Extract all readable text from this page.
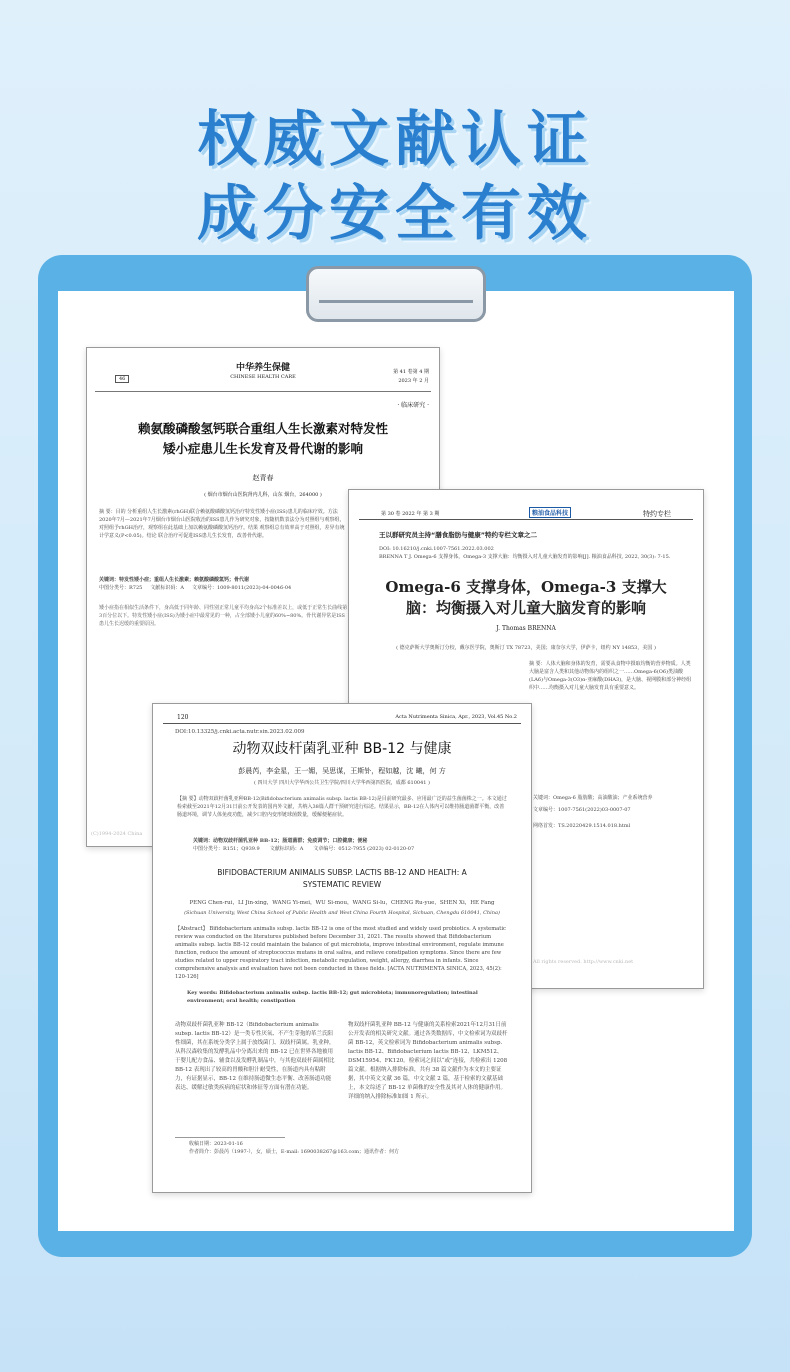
权威文献认证
成分安全有效
46
中华养生保健
CHINESE HEALTH CARE
第 41 卷第 4 期
2023 年 2 月
· 临床研究 ·
赖氨酸磷酸氢钙联合重组人生长激素对特发性
矮小症患儿生长发育及骨代谢的影响
赵青春
( 烟台市烟台山医院肾内儿科，山东 烟台，264000 )
摘 要：目的 分析重组人生长激素(rhGH)联合赖氨酸磷酸氢钙治疗特发性矮小症(ISS)患儿的临床疗效。方法 2020年7月—2021年7月烟台市烟台山医院收治的ISS患儿作为研究对象，按随机数表法分为对照组与观察组，对照组予rhGH治疗，观察组在此基础上加以赖氨酸磷酸氢钙治疗。结果 观察组总有效率高于对照组，差异有统计学意义(P<0.05)。结论 联合治疗可促进ISS患儿生长发育，改善骨代谢。
关键词：特发性矮小症；重组人生长激素；赖氨酸磷酸氢钙；骨代谢
中图分类号：R725 文献标识码：A 文章编号：1009-8011(2023)-04-0046-04
矮小症指在相似生活条件下，身高低于同年龄、同性别正常儿童平均身高2个标准差以上，或低于正常生长曲线第3百分位以下。特发性矮小症(ISS)为矮小症中最常见的一种，占全部矮小儿童的60%~80%。骨代谢异常是ISS患儿生长迟缓的重要原因。
(C)1994-2024 China
第 30 卷 2022 年 第 3 期	粮油食品科技	特约专栏
王以群研究员主持“膳食脂肪与健康”特约专栏文章之二
DOI: 10.16210/j.cnki.1007-7561.2022.03.002
BRENNA T J. Omega-6 支撑身体，Omega-3 支撑大脑：均衡摄入对儿童大脑发育的影响[J]. 粮油食品科技, 2022, 30(3): 7-15.
Omega-6 支撑身体，Omega-3 支撑大
脑：均衡摄入对儿童大脑发育的影响
J. Thomas BRENNA
( 德克萨斯大学奥斯汀分校，戴尔医学院，奥斯汀 TX 78723，美国；康奈尔大学，伊萨卡，纽约 NY 14853，美国 )
摘 要：人体大脑和身体的发育，需要从食物中摄取均衡的营养物质。人类大脑是富含人类和其他动物体内的组织之一……Omega-6(O6)类油酸(LA6)与Omega-3(O3)α-亚麻酸(DHA3)，是大脑、视网膜和部分神经组织中……均衡摄入对儿童大脑发育具有重要意义。
关键词：Omega-6 脂肪酸；高油酸油；产业系统营养
文章编号：1007-7561(2022)03-0007-07
网络首发：TS.20220429.1514.018.html
All rights reserved. http://www.cnki.net
120	Acta Nutrimenta Sinica, Apr., 2023, Vol.45 No.2
DOI:10.13325/j.cnki.acta.nutr.sin.2023.02.009
动物双歧杆菌乳亚种 BB-12 与健康
彭晨芮，李金星，王一媚，吴思谋，王斯钋，程如越，沈 曦，何 方
( 四川大学 四川大学华西公共卫生学院/四川大学华西第四医院，成都 610041 )
【摘 要】动物双歧杆菌乳亚种BB-12(Bifidobacterium animalis subsp. lactis BB-12)是目前研究最多、应用最广泛的益生菌菌株之一。本文通过检索截至2021年12月31日前公开发表的国内外文献，共纳入38篇人群干预研究进行综述。结果显示，BB-12在人体内可以维持肠道菌群平衡，改善肠道环境，调节人体免疫功能，减少口腔内变形链球菌数量，缓解便秘症状。
关键词：动物双歧杆菌乳亚种 BB-12；肠道菌群；免疫调节；口腔健康；便秘
中图分类号：R151；Q939.9 文献标识码：A 文章编号：0512-7955 (2023) 02-0120-07
BIFIDOBACTERIUM ANIMALIS SUBSP. LACTIS BB-12 AND HEALTH: A SYSTEMATIC REVIEW
PENG Chen-rui，LI Jin-xing，WANG Yi-mei，WU Si-mou，WANG Si-lu，CHENG Ru-yue，SHEN Xi，HE Fang
(Sichuan University, West China School of Public Health and West China Fourth Hospital, Sichuan, Chengdu 610041, China)
【Abstract】 Bifidobacterium animalis subsp. lactis BB-12 is one of the most studied and widely used probiotics. A systematic review was conducted on the literatures published before December 31, 2021. The results showed that Bifidobacterium animalis subsp. lactis BB-12 could maintain the balance of gut microbiota, improve intestinal environment, regulate immune function, reduce the amount of streptococcus mutans in oral saliva, and relieve constipation symptoms. Since there are few studies related to upper respiratory tract infection, metabolic regulation, weight, allergy, diarrhea in infants. Since comprehensive analysis and evaluation have not been conducted in these fields. [ACTA NUTRIMENTA SINICA, 2023, 45(2): 120-126]
Key words: Bifidobacterium animalis subsp. lactis BB-12; gut microbiota; immunoregulation; intestinal environment; oral health; constipation
动物双歧杆菌乳亚种 BB-12（Bifidobacterium animalis subsp. lactis BB-12）是一类专性厌氧、不产生芽孢的革兰氏阳性细菌，其在系统分类学上属于放线菌门、双歧杆菌属。乳业种，从科汉森收集的发酵乳品中分离出来的 BB-12 已在世界各地被用于婴儿配方食品、辅食以及发酵乳制品中，与其他双歧杆菌属相比 BB-12 表现出了较高的胃酸和胆汁耐受性，在肠道内具有粘附力，有证据显示，BB-12 在维持肠道微生态平衡、改善肠道功能表达、缓解过敏类疾病的症状和体征等方面有潜在功能。
物双歧杆菌乳亚种 BB-12 与健康的关系检索2021年12月31日前公开发表的相关研究文献。通过各类数据库，中文检索词为双歧杆菌 BB-12，英文检索词为 Bifidobacterium animalis subsp. lactis BB-12、Bifidobacterium lactis BB-12、LKM512、DSM15954、FK120。检索词之间以“或”连接，共检索出 1208 篇文献。根据纳入排除标准，共有 38 篇文献作为本文的主要证据，其中英文文献 36 篇，中文文献 2 篇，基于检索的文献基础上，本文综述了 BB-12 单菌株的安全性及其对人体的健康作用。详细的纳入排除标准如图 1 所示。
收稿日期：2023-01-16
作者简介：彭晨芮（1997-），女，硕士，E-mail: 1690038267@163.com；通讯作者：何方
